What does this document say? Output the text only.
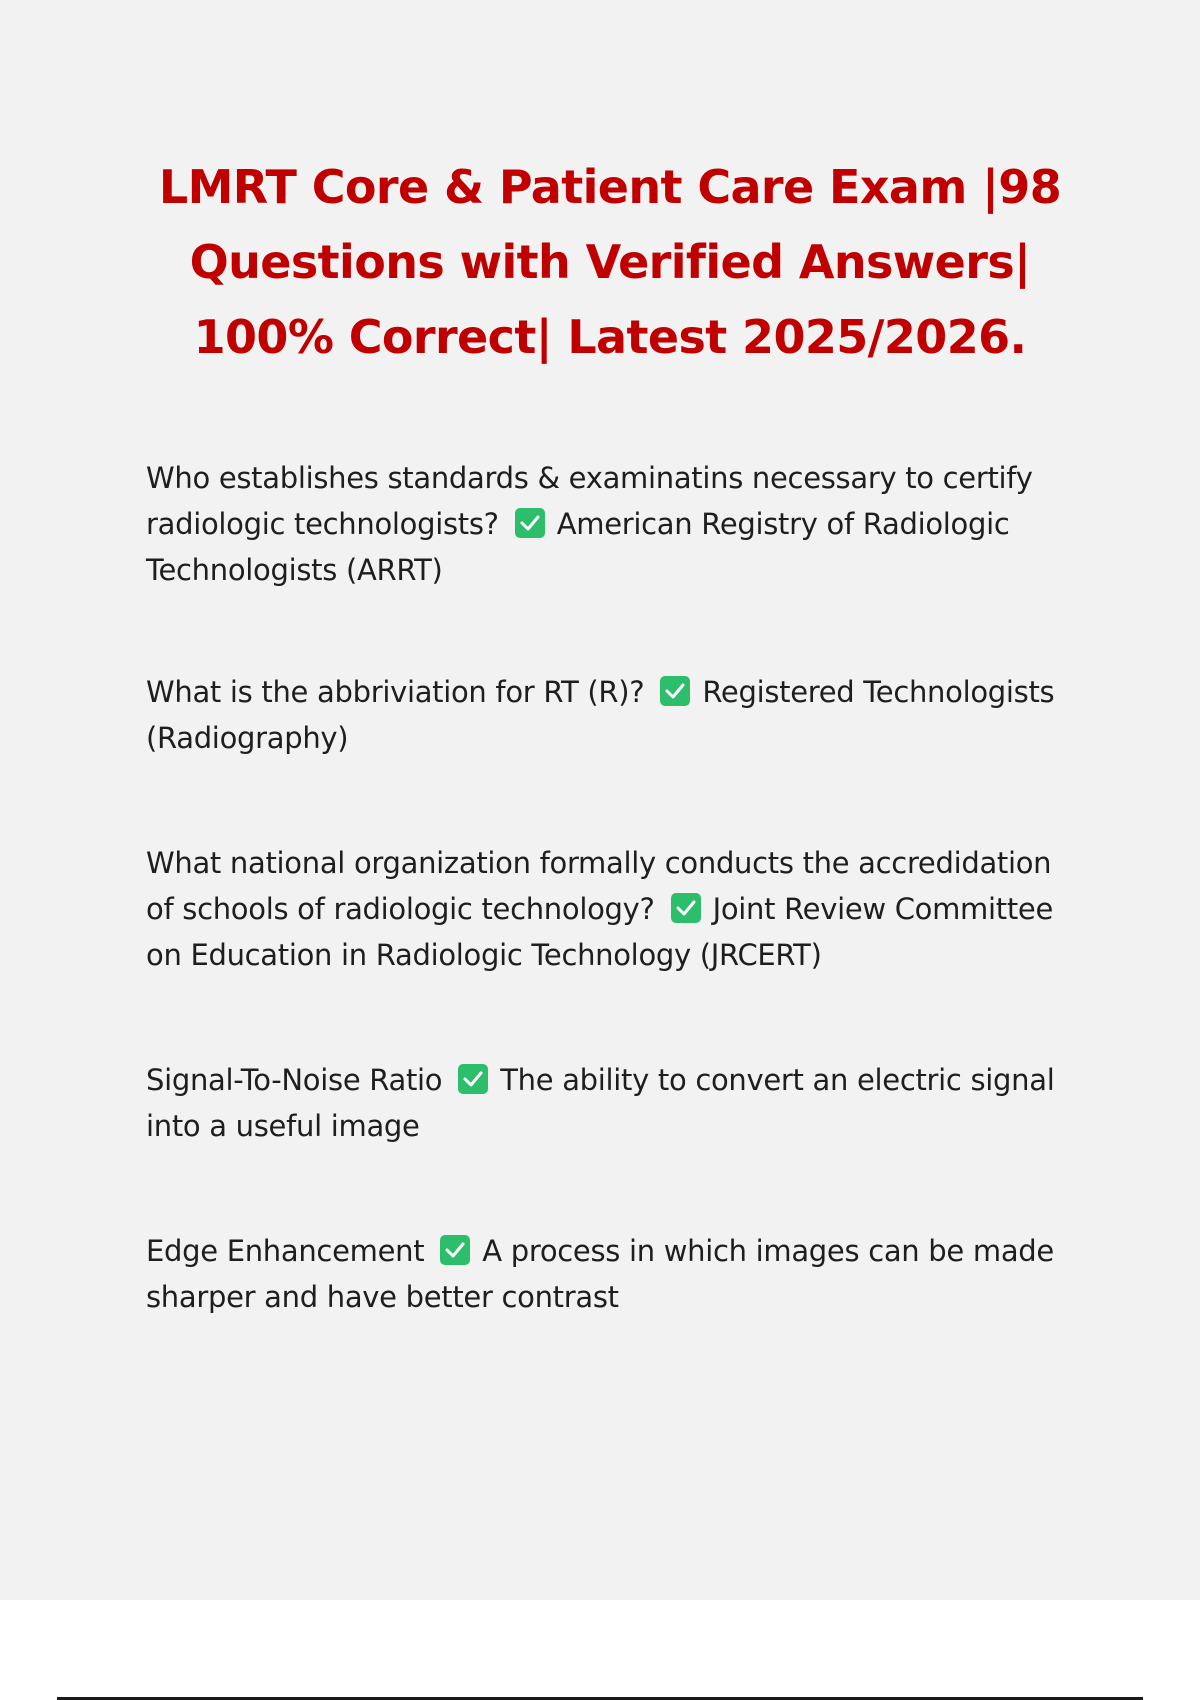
LMRT Core & Patient Care Exam |98
Questions with Verified Answers|
100% Correct| Latest 2025/2026.

Who establishes standards & examinatins necessary to certify radiologic technologists? American Registry of Radiologic Technologists (ARRT)

What is the abbriviation for RT (R)? Registered Technologists (Radiography)

What national organization formally conducts the accredidation of schools of radiologic technology? Joint Review Committee on Education in Radiologic Technology (JRCERT)

Signal-To-Noise Ratio The ability to convert an electric signal into a useful image

Edge Enhancement A process in which images can be made sharper and have better contrast
